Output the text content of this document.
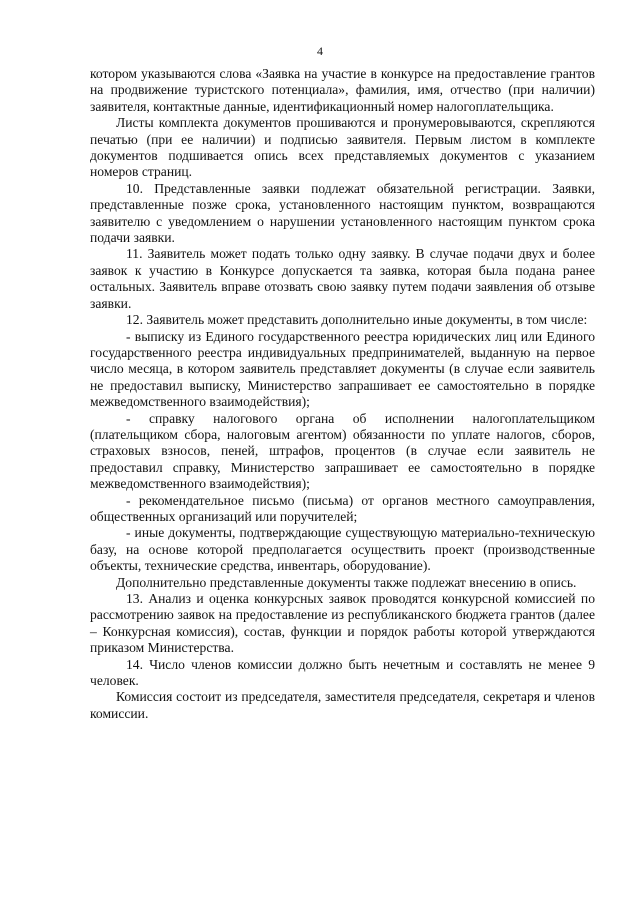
4

котором указываются слова «Заявка на участие в конкурсе на предоставление грантов на продвижение туристского потенциала», фамилия, имя, отчество (при наличии) заявителя, контактные данные, идентификационный номер налогоплательщика.

Листы комплекта документов прошиваются и пронумеровываются, скрепляются печатью (при ее наличии) и подписью заявителя. Первым листом в комплекте документов подшивается опись всех представляемых документов с указанием номеров страниц.

10. Представленные заявки подлежат обязательной регистрации. Заявки, представленные позже срока, установленного настоящим пунктом, возвращаются заявителю с уведомлением о нарушении установленного настоящим пунктом срока подачи заявки.

11. Заявитель может подать только одну заявку. В случае подачи двух и более заявок к участию в Конкурсе допускается та заявка, которая была подана ранее остальных. Заявитель вправе отозвать свою заявку путем подачи заявления об отзыве заявки.

12. Заявитель может представить дополнительно иные документы, в том числе:

- выписку из Единого государственного реестра юридических лиц или Единого государственного реестра индивидуальных предпринимателей, выданную на первое число месяца, в котором заявитель представляет документы (в случае если заявитель не предоставил выписку, Министерство запрашивает ее самостоятельно в порядке межведомственного взаимодействия);

- справку налогового органа об исполнении налогоплательщиком (плательщиком сбора, налоговым агентом) обязанности по уплате налогов, сборов, страховых взносов, пеней, штрафов, процентов (в случае если заявитель не предоставил справку, Министерство запрашивает ее самостоятельно в порядке межведомственного взаимодействия);

- рекомендательное письмо (письма) от органов местного самоуправления, общественных организаций или поручителей;

- иные документы, подтверждающие существующую материально-техническую базу, на основе которой предполагается осуществить проект (производственные объекты, технические средства, инвентарь, оборудование).

Дополнительно представленные документы также подлежат внесению в опись.

13. Анализ и оценка конкурсных заявок проводятся конкурсной комиссией по рассмотрению заявок на предоставление из республиканского бюджета грантов (далее – Конкурсная комиссия), состав, функции и порядок работы которой утверждаются приказом Министерства.

14. Число членов комиссии должно быть нечетным и составлять не менее 9 человек.

Комиссия состоит из председателя, заместителя председателя, секретаря и членов комиссии.
